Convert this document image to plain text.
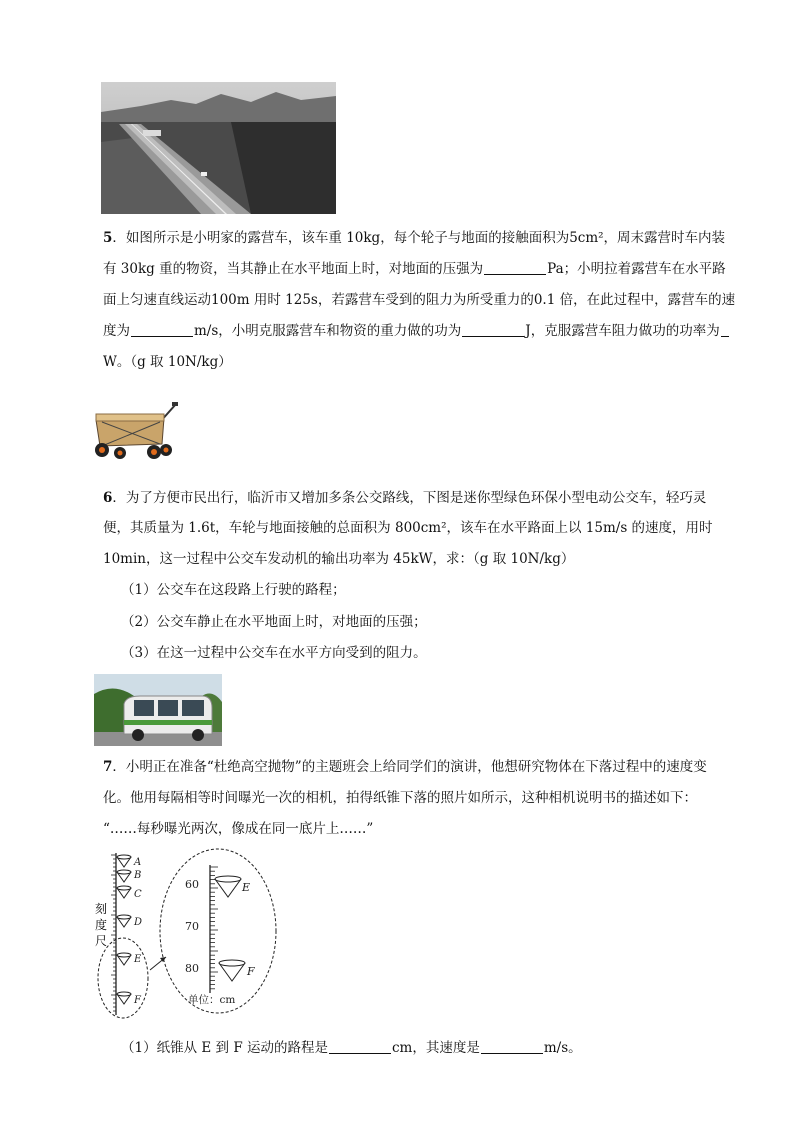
5．如图所示是小明家的露营车，该车重 10kg，每个轮子与地面的接触面积为5cm²，周末露营时车内装
有 30kg 重的物资，当其静止在水平地面上时，对地面的压强为	Pa；小明拉着露营车在水平路
面上匀速直线运动100m 用时 125s，若露营车受到的阻力为所受重力的0.1 倍，在此过程中，露营车的速
度为	m/s，小明克服露营车和物资的重力做的功为	J，克服露营车阻力做功的功率为
W。（g 取 10N/kg）
6．为了方便市民出行，临沂市又增加多条公交路线，下图是迷你型绿色环保小型电动公交车，轻巧灵
便，其质量为 1.6t，车轮与地面接触的总面积为 800cm²，该车在水平路面上以 15m/s 的速度，用时
10min，这一过程中公交车发动机的输出功率为 45kW，求：（g 取 10N/kg）
（1）公交车在这段路上行驶的路程；
（2）公交车静止在水平地面上时，对地面的压强；
（3）在这一过程中公交车在水平方向受到的阻力。
7．小明正在准备“杜绝高空抛物”的主题班会上给同学们的演讲，他想研究物体在下落过程中的速度变
化。他用每隔相等时间曝光一次的相机，拍得纸锥下落的照片如所示，这种相机说明书的描述如下：
“……每秒曝光两次，像成在同一底片上……”
刻
度
尺
A
B
C
D
E
F
60
70
80
E
F
单位：cm
（1）纸锥从 E 到 F 运动的路程是	cm，其速度是	m/s。
